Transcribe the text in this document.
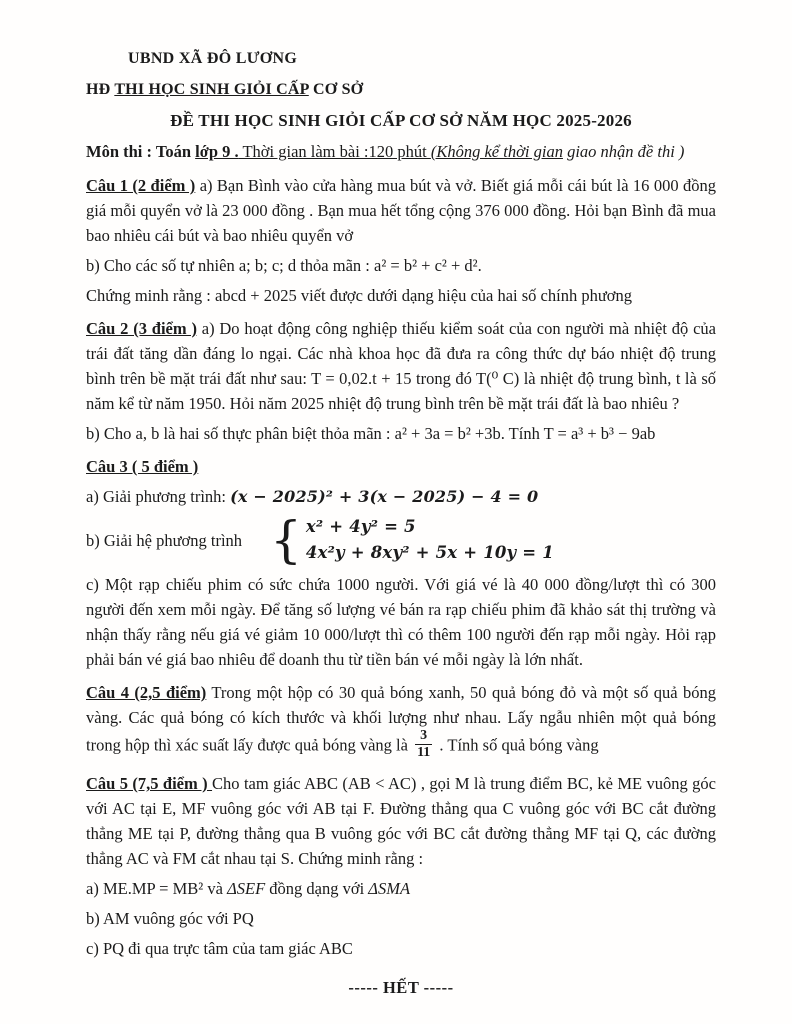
UBND XÃ ĐÔ LƯƠNG

HĐ THI HỌC SINH GIỎI CẤP CƠ SỞ

ĐỀ THI HỌC SINH GIỎI CẤP CƠ SỞ NĂM HỌC 2025-2026

Môn thi : Toán lớp 9 . Thời gian làm bài :120 phút (Không kể thời gian giao nhận đề thi )

Câu 1 (2 điểm ) a) Bạn Bình vào cửa hàng mua bút và vở. Biết giá mỗi cái bút là 16 000 đồng giá mỗi quyển vở là 23 000 đồng . Bạn mua hết tổng cộng 376 000 đồng. Hỏi bạn Bình đã mua bao nhiêu cái bút và bao nhiêu quyển vở

b) Cho các số tự nhiên a; b; c; d thỏa mãn : a² = b² + c² + d².

Chứng minh rằng : abcd + 2025 viết được dưới dạng hiệu của hai số chính phương

Câu 2 (3 điểm ) a) Do hoạt động công nghiệp thiếu kiểm soát của con người mà nhiệt độ của trái đất tăng dần đáng lo ngại. Các nhà khoa học đã đưa ra công thức dự báo nhiệt độ trung bình trên bề mặt trái đất như sau: T = 0,02.t + 15 trong đó T(⁰ C) là nhiệt độ trung bình, t là số năm kể từ năm 1950. Hỏi năm 2025 nhiệt độ trung bình trên bề mặt trái đất là bao nhiêu ?

b) Cho a, b là hai số thực phân biệt thỏa mãn : a² + 3a = b² +3b. Tính T = a³ + b³ − 9ab

Câu 3 ( 5 điểm )

a) Giải phương trình: (x − 2025)² + 3(x − 2025) − 4 = 0

b) Giải hệ phương trình { x² + 4y² = 5
4x²y + 8xy² + 5x + 10y = 1

c) Một rạp chiếu phim có sức chứa 1000 người. Với giá vé là 40 000 đồng/lượt thì có 300 người đến xem mỗi ngày. Để tăng số lượng vé bán ra rạp chiếu phim đã khảo sát thị trường và nhận thấy rằng nếu giá vé giảm 10 000/lượt thì có thêm 100 người đến rạp mỗi ngày. Hỏi rạp phải bán vé giá bao nhiêu để doanh thu từ tiền bán vé mỗi ngày là lớn nhất.

Câu 4 (2,5 điểm) Trong một hộp có 30 quả bóng xanh, 50 quả bóng đỏ và một số quả bóng vàng. Các quả bóng có kích thước và khối lượng như nhau. Lấy ngẫu nhiên một quả bóng trong hộp thì xác suất lấy được quả bóng vàng là $\frac{3}{11}$ . Tính số quả bóng vàng

Câu 5 (7,5 điểm ) Cho tam giác ABC (AB < AC) , gọi M là trung điểm BC, kẻ ME vuông góc với AC tại E, MF vuông góc với AB tại F. Đường thẳng qua C vuông góc với BC cắt đường thẳng ME tại P, đường thẳng qua B vuông góc với BC cắt đường thẳng MF tại Q, các đường thẳng AC và FM cắt nhau tại S. Chứng minh rằng :

a) ME.MP = MB² và ΔSEF đồng dạng với ΔSMA

b) AM vuông góc với PQ

c) PQ đi qua trực tâm của tam giác ABC

----- HẾT -----
